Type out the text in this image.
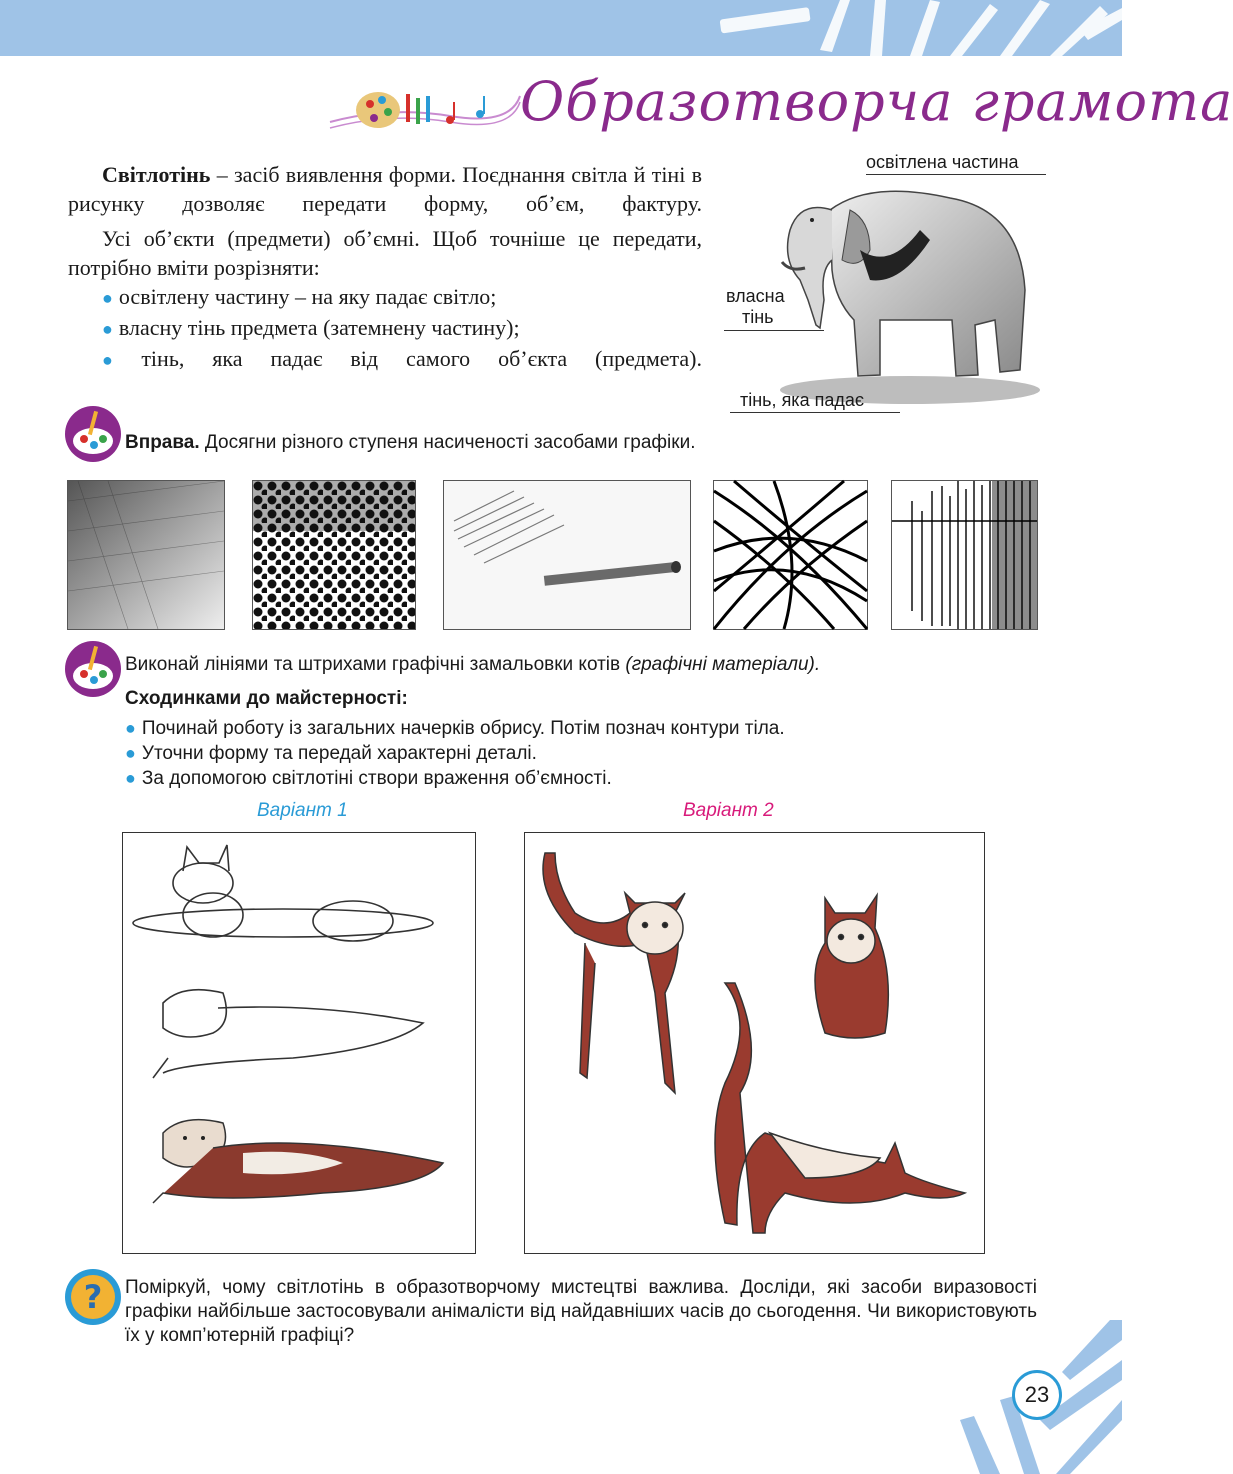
Образотворча грамота

Світлотінь – засіб виявлення форми. Поєднання світла й тіні в рисунку дозволяє передати форму, об’єм, фактуру.

Усі об’єкти (предмети) об’ємні. Щоб точніше це передати, потрібно вміти розрізняти:

● освітлену частину – на яку падає світло;
● власну тінь предмета (затемнену частину);
● тінь, яка падає від самого об’єкта (предмета).
освітлена частина
власна
тінь
тінь, яка падає
Вправа. Досягни різного ступеня насиченості засобами графіки.
Виконай лініями та штрихами графічні замальовки котів (графічні матеріали).
Сходинками до майстерності:
● Починай роботу із загальних начерків обрису. Потім познач контури тіла.
● Уточни форму та передай характерні деталі.
● За допомогою світлотіні створи враження об’ємності.
Варіант 1	Варіант 2
? Поміркуй, чому світлотінь в образотворчому мистецтві важлива. Досліди, які засоби виразовості графіки найбільше застосовували анімалісти від найдавніших часів до сьогодення. Чи використовують їх у комп’ютерній графіці?
23
